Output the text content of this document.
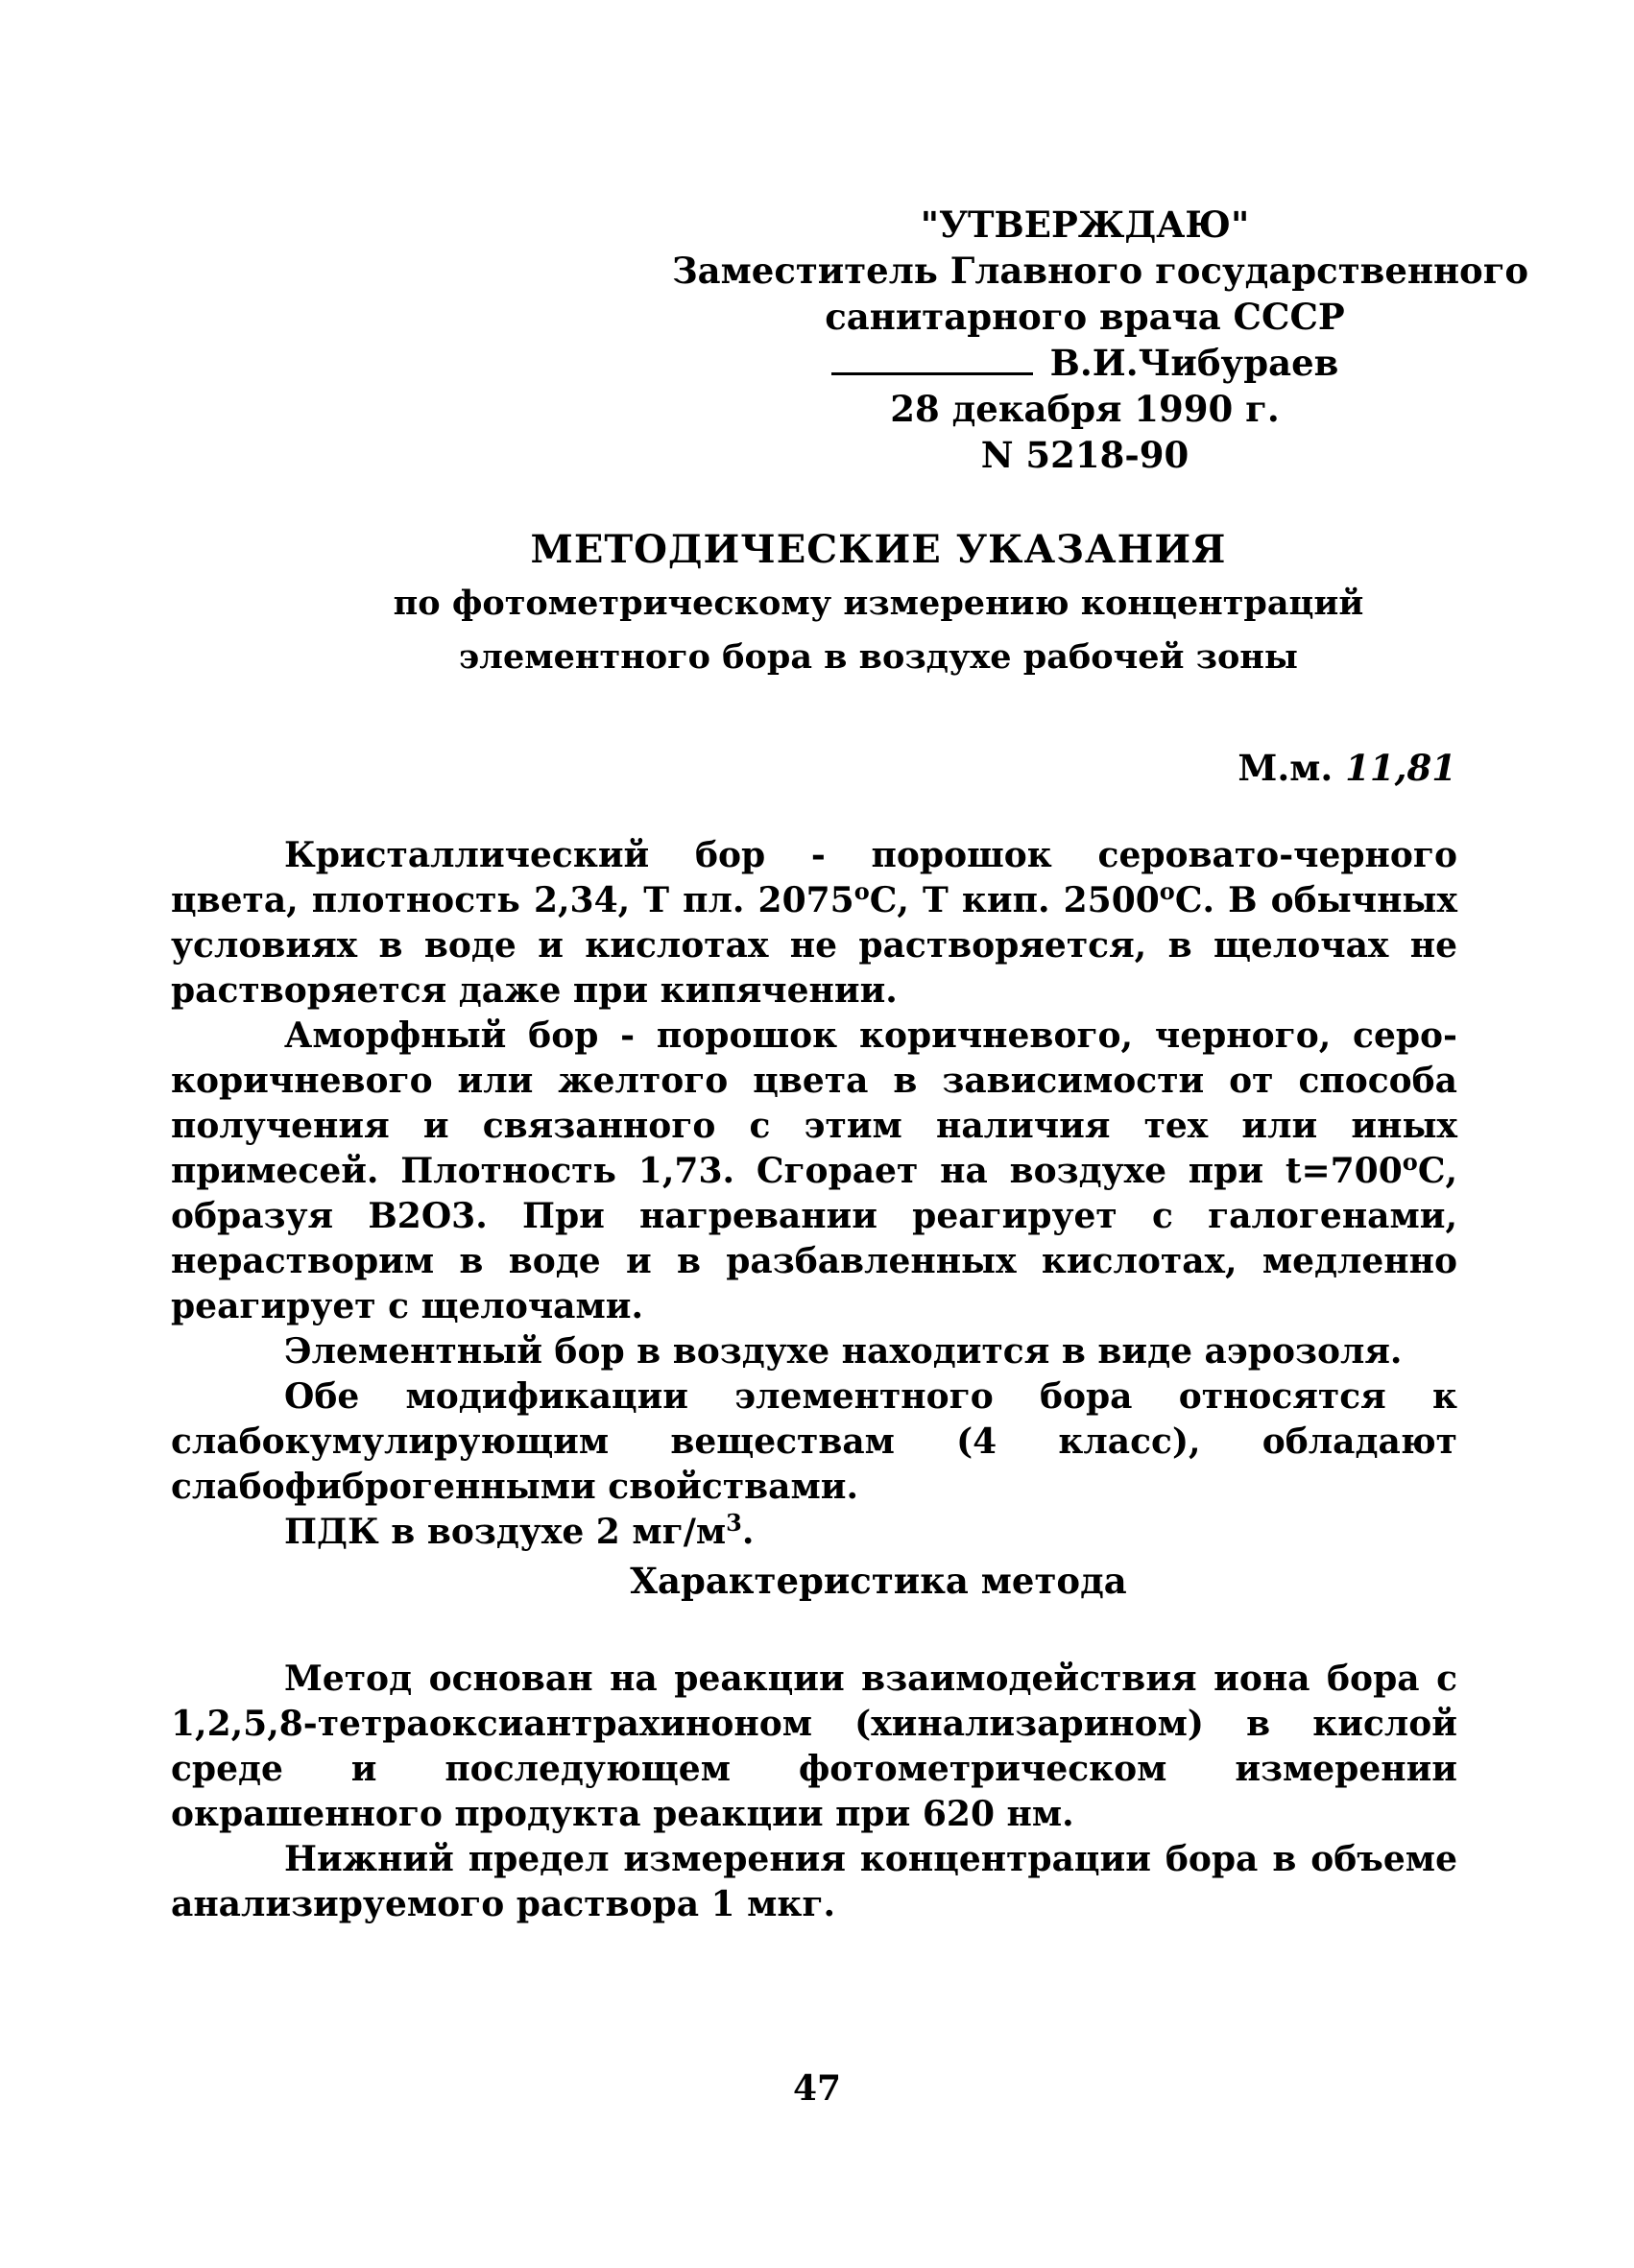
"УТВЕРЖДАЮ"
Заместитель Главного государственного
санитарного врача СССР
В.И.Чибураев
28 декабря 1990 г.
N 5218-90
МЕТОДИЧЕСКИЕ УКАЗАНИЯ
по фотометрическому измерению концентраций
элементного бора в воздухе рабочей зоны
М.м. 11,81

Кристаллический бор - порошок серовато-черного цвета, плотность 2,34, Т пл. $2075^оС$, Т кип. $2500^оС$. В обычных условиях в воде и кислотах не растворяется, в щелочах не растворяется даже при кипячении.

Аморфный бор - порошок коричневого, черного, серо-коричневого или желтого цвета в зависимости от способа получения и связанного с этим наличия тех или иных примесей. Плотность 1,73. Сгорает на воздухе при $t=700^оС$, образуя В2О3. При нагревании реагирует с галогенами, нерастворим в воде и в разбавленных кислотах, медленно реагирует с щелочами.

Элементный бор в воздухе находится в виде аэрозоля.

Обе модификации элементного бора относятся к слабокумулирующим веществам (4 класс), обладают слабофиброгенными свойствами.

ПДК в воздухе 2 $мг/м^3$.

Характеристика метода

Метод основан на реакции взаимодействия иона бора с 1,2,5,8-тетраоксиантрахиноном (хинализарином) в кислой среде и последующем фотометрическом измерении окрашенного продукта реакции при 620 нм.

Нижний предел измерения концентрации бора в объеме анализируемого раствора 1 мкг.

47
